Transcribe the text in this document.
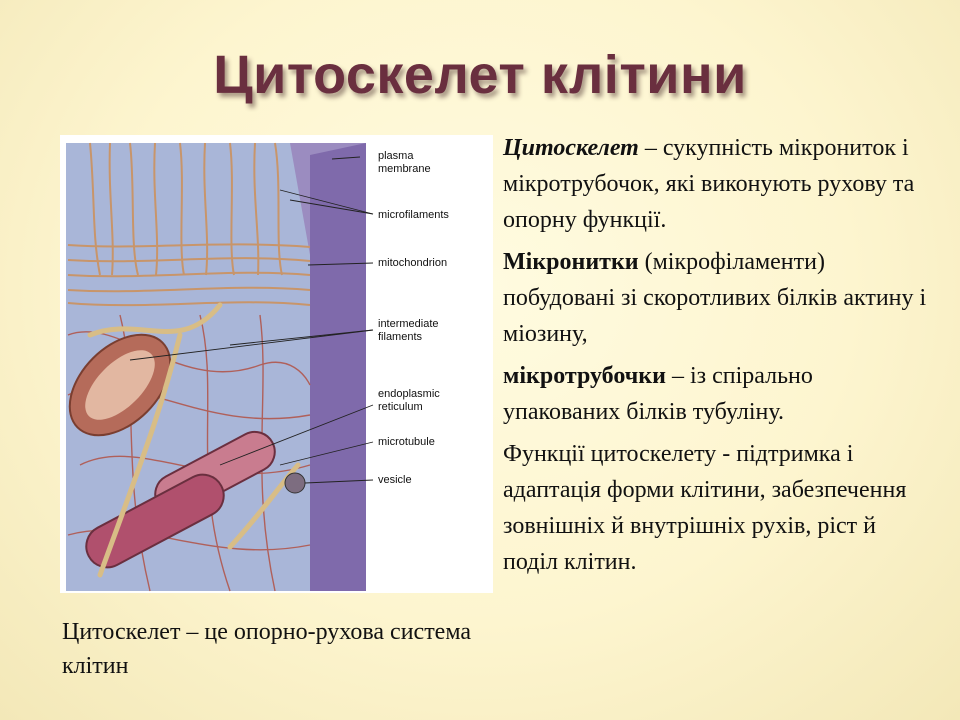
Цитоскелет клітини
plasma
membrane
microfilaments
mitochondrion
intermediate
filaments
endoplasmic
reticulum
microtubule
vesicle
Цитоскелет – це опорно-рухова система клітин

Цитоскелет – сукупність мікрониток і мікротрубочок, які виконують рухову та опорну функції.

Мікронитки (мікрофіламенти) побудовані зі скоротливих білків актину і міозину,

мікротрубочки – із спірально упакованих білків тубуліну.

Функції цитоскелету - підтримка і адаптація форми клітини, забезпечення зовнішніх й внутрішніх рухів, ріст й поділ клітин.
